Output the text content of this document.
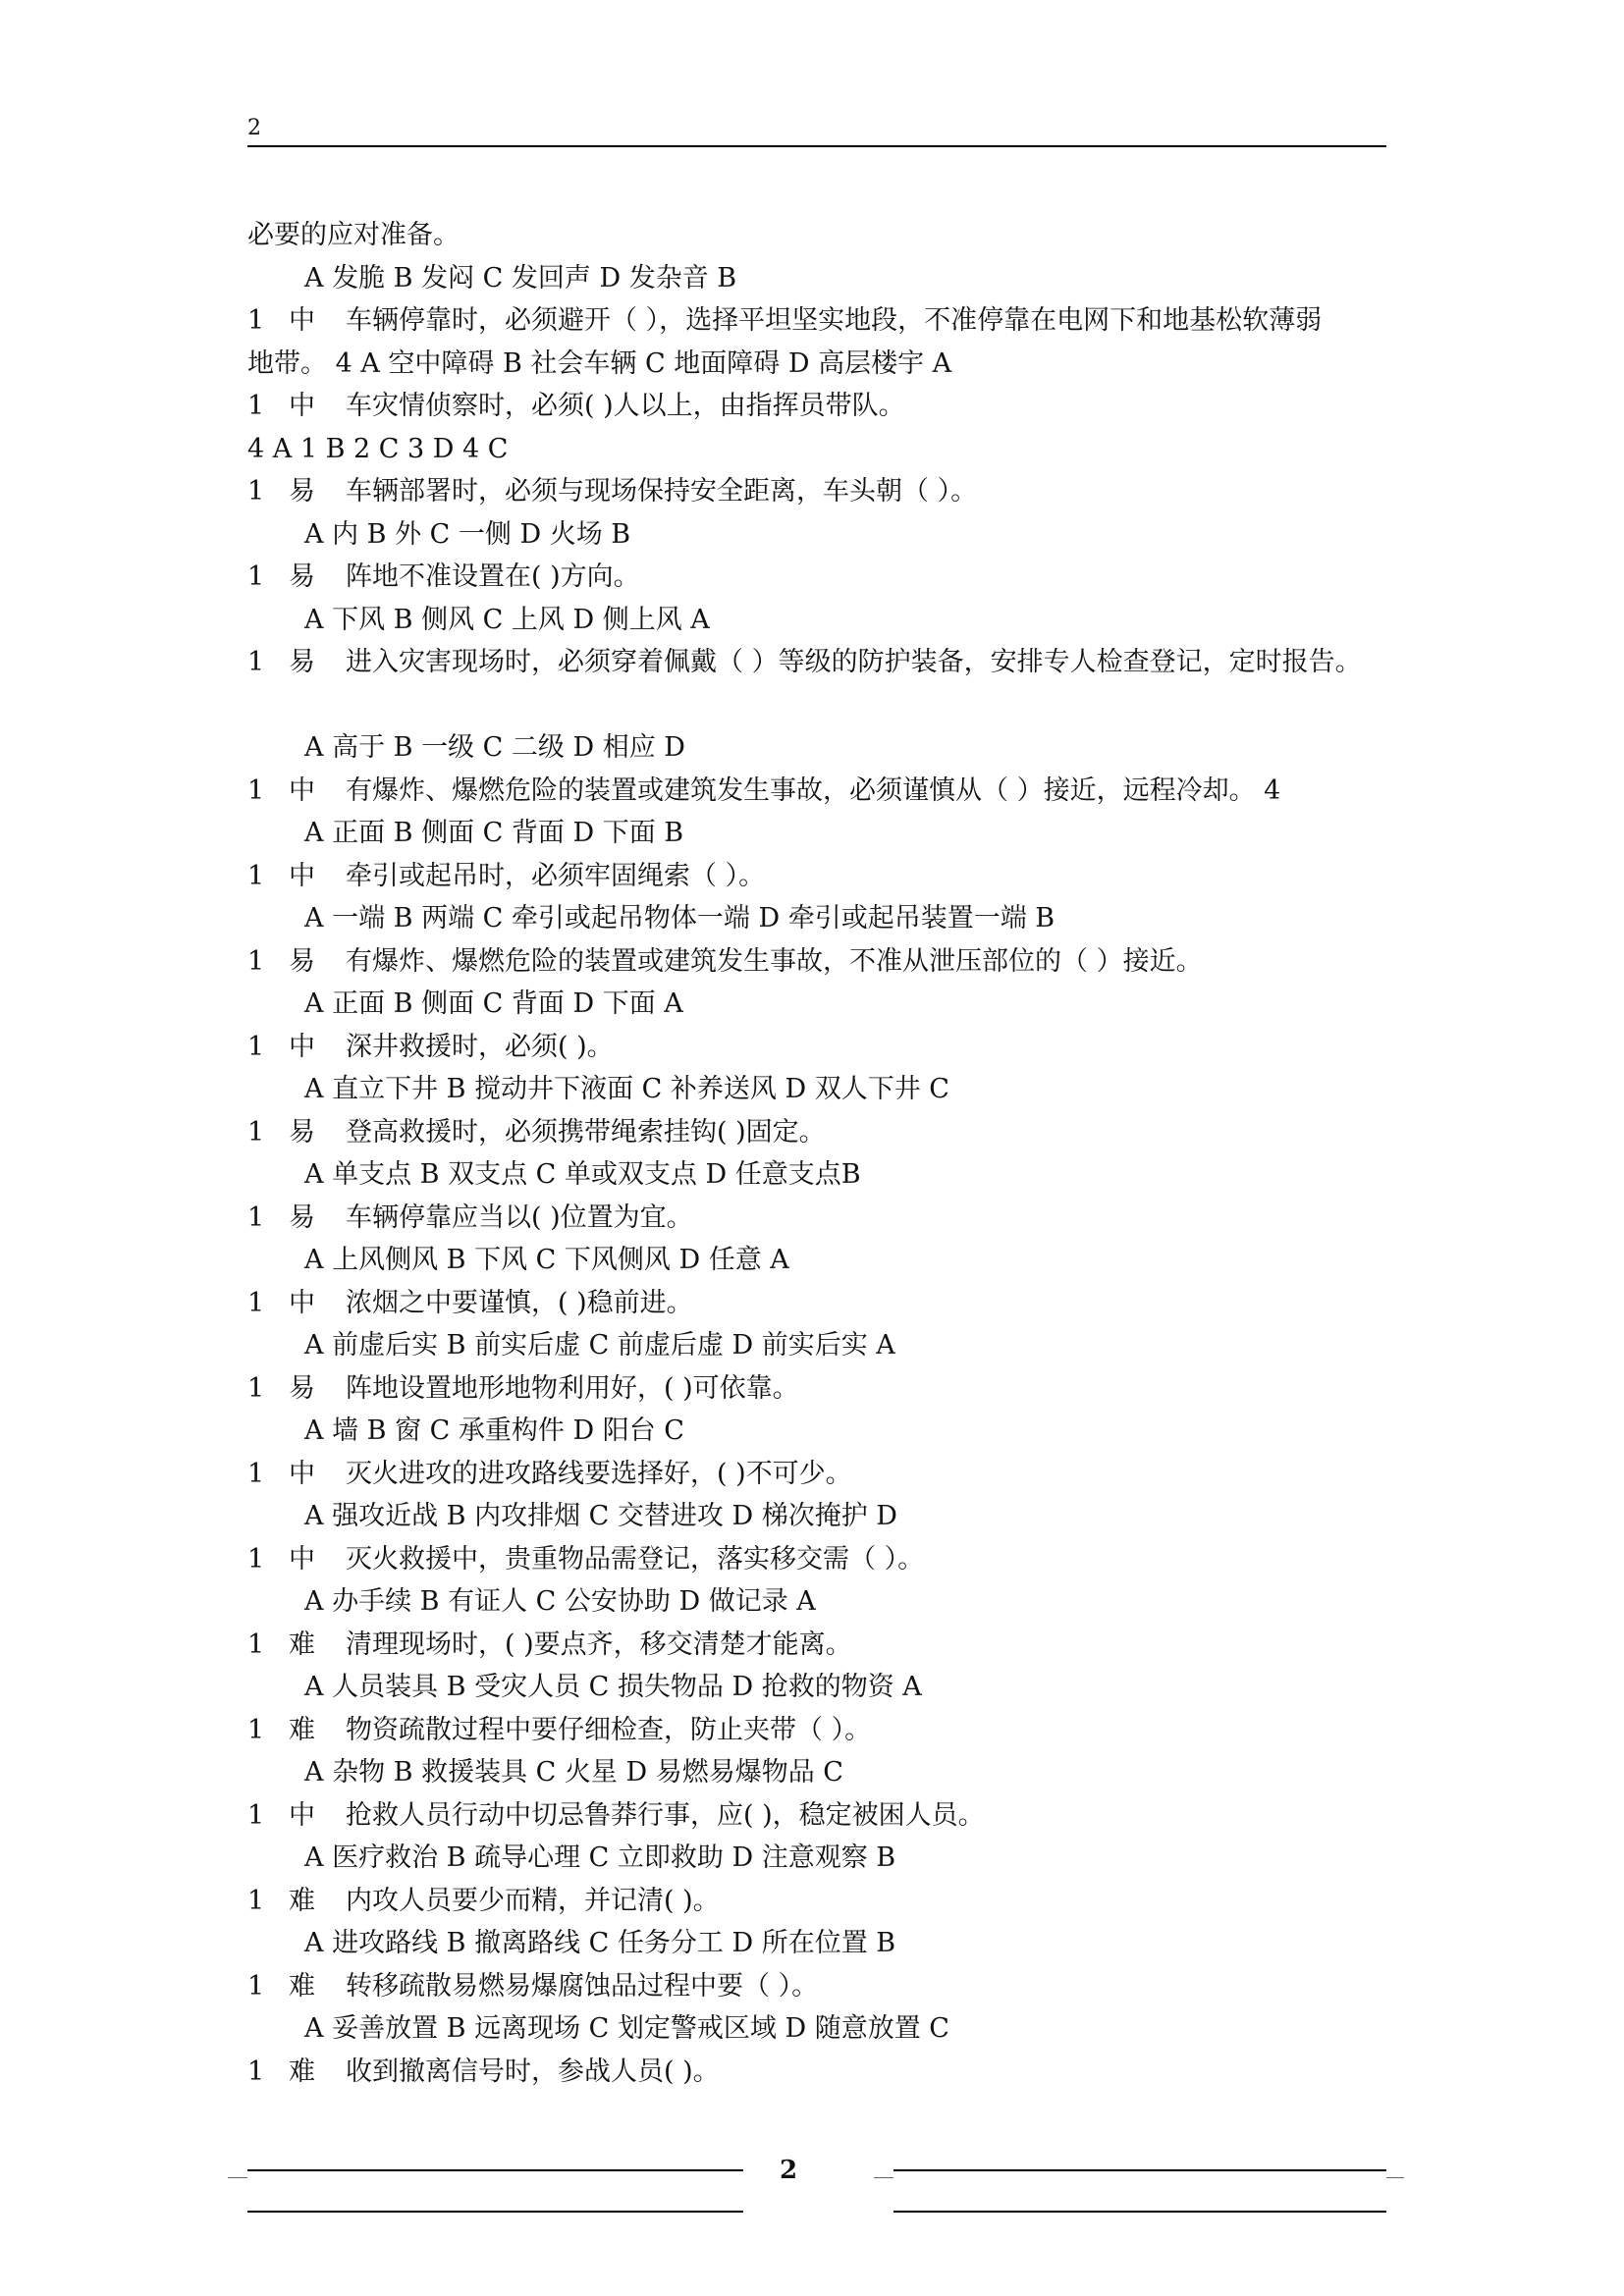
2
必要的应对准备。
A 发脆 B 发闷 C 发回声 D 发杂音 B
1 中 车辆停靠时，必须避开（ ），选择平坦坚实地段，不准停靠在电网下和地基松软薄弱
地带。 4 A 空中障碍 B 社会车辆 C 地面障碍 D 高层楼宇 A
1 中 车灾情侦察时，必须( )人以上，由指挥员带队。
4 A 1 B 2 C 3 D 4 C
1 易 车辆部署时，必须与现场保持安全距离，车头朝（ ）。
A 内 B 外 C 一侧 D 火场 B
1 易 阵地不准设置在( )方向。
A 下风 B 侧风 C 上风 D 侧上风 A
1 易 进入灾害现场时，必须穿着佩戴（ ）等级的防护装备，安排专人检查登记，定时报告。
A 高于 B 一级 C 二级 D 相应 D
1 中 有爆炸、爆燃危险的装置或建筑发生事故，必须谨慎从（ ）接近，远程冷却。 4
A 正面 B 侧面 C 背面 D 下面 B
1 中 牵引或起吊时，必须牢固绳索（ ）。
A 一端 B 两端 C 牵引或起吊物体一端 D 牵引或起吊装置一端 B
1 易 有爆炸、爆燃危险的装置或建筑发生事故，不准从泄压部位的（ ）接近。
A 正面 B 侧面 C 背面 D 下面 A
1 中 深井救援时，必须( )。
A 直立下井 B 搅动井下液面 C 补养送风 D 双人下井 C
1 易 登高救援时，必须携带绳索挂钩( )固定。
A 单支点 B 双支点 C 单或双支点 D 任意支点B
1 易 车辆停靠应当以( )位置为宜。
A 上风侧风 B 下风 C 下风侧风 D 任意 A
1 中 浓烟之中要谨慎，( )稳前进。
A 前虚后实 B 前实后虚 C 前虚后虚 D 前实后实 A
1 易 阵地设置地形地物利用好，( )可依靠。
A 墙 B 窗 C 承重构件 D 阳台 C
1 中 灭火进攻的进攻路线要选择好，( )不可少。
A 强攻近战 B 内攻排烟 C 交替进攻 D 梯次掩护 D
1 中 灭火救援中，贵重物品需登记，落实移交需（ ）。
A 办手续 B 有证人 C 公安协助 D 做记录 A
1 难 清理现场时，( )要点齐，移交清楚才能离。
A 人员装具 B 受灾人员 C 损失物品 D 抢救的物资 A
1 难 物资疏散过程中要仔细检查，防止夹带（ ）。
A 杂物 B 救援装具 C 火星 D 易燃易爆物品 C
1 中 抢救人员行动中切忌鲁莽行事，应( )，稳定被困人员。
A 医疗救治 B 疏导心理 C 立即救助 D 注意观察 B
1 难 内攻人员要少而精，并记清( )。
A 进攻路线 B 撤离路线 C 任务分工 D 所在位置 B
1 难 转移疏散易燃易爆腐蚀品过程中要（ ）。
A 妥善放置 B 远离现场 C 划定警戒区域 D 随意放置 C
1 难 收到撤离信号时，参战人员( )。
2
